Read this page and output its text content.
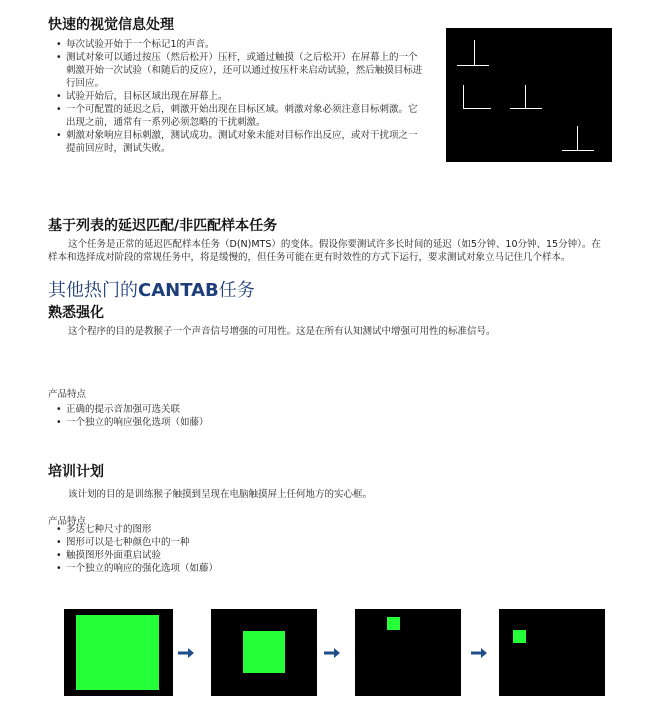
快速的视觉信息处理
• 每次试验开始于一个标记1的声音。
• 测试对象可以通过按压（然后松开）压杆，或通过触摸（之后松开）在屏幕上的一个刺激开始一次试验（和随后的反应），还可以通过按压杆来启动试验，然后触摸目标进行回应。
• 试验开始后，目标区域出现在屏幕上。
• 一个可配置的延迟之后，刺激开始出现在目标区域。刺激对象必须注意目标刺激。它出现之前，通常有一系列必须忽略的干扰刺激。
• 刺激对象响应目标刺激，测试成功。测试对象未能对目标作出反应，或对干扰项之一提前回应时，测试失败。
基于列表的延迟匹配/非匹配样本任务
这个任务是正常的延迟匹配样本任务（D(N)MTS）的变体。假设你要测试许多长时间的延迟（如5分钟、10分钟、15分钟）。在样本和选择成对阶段的常规任务中，将是缓慢的，但任务可能在更有时效性的方式下运行，要求测试对象立马记住几个样本。
其他热门的CANTAB任务
熟悉强化
这个程序的目的是教猴子一个声音信号增强的可用性。这是在所有认知测试中增强可用性的标准信号。
产品特点
• 正确的提示音加强可选关联
• 一个独立的响应强化选项（如藤）
培训计划
该计划的目的是训练猴子触摸到呈现在电脑触摸屏上任何地方的实心框。
产品特点
• 多达七种尺寸的图形
• 图形可以是七种颜色中的一种
• 触摸图形外面重启试验
• 一个独立的响应的强化选项（如藤）
